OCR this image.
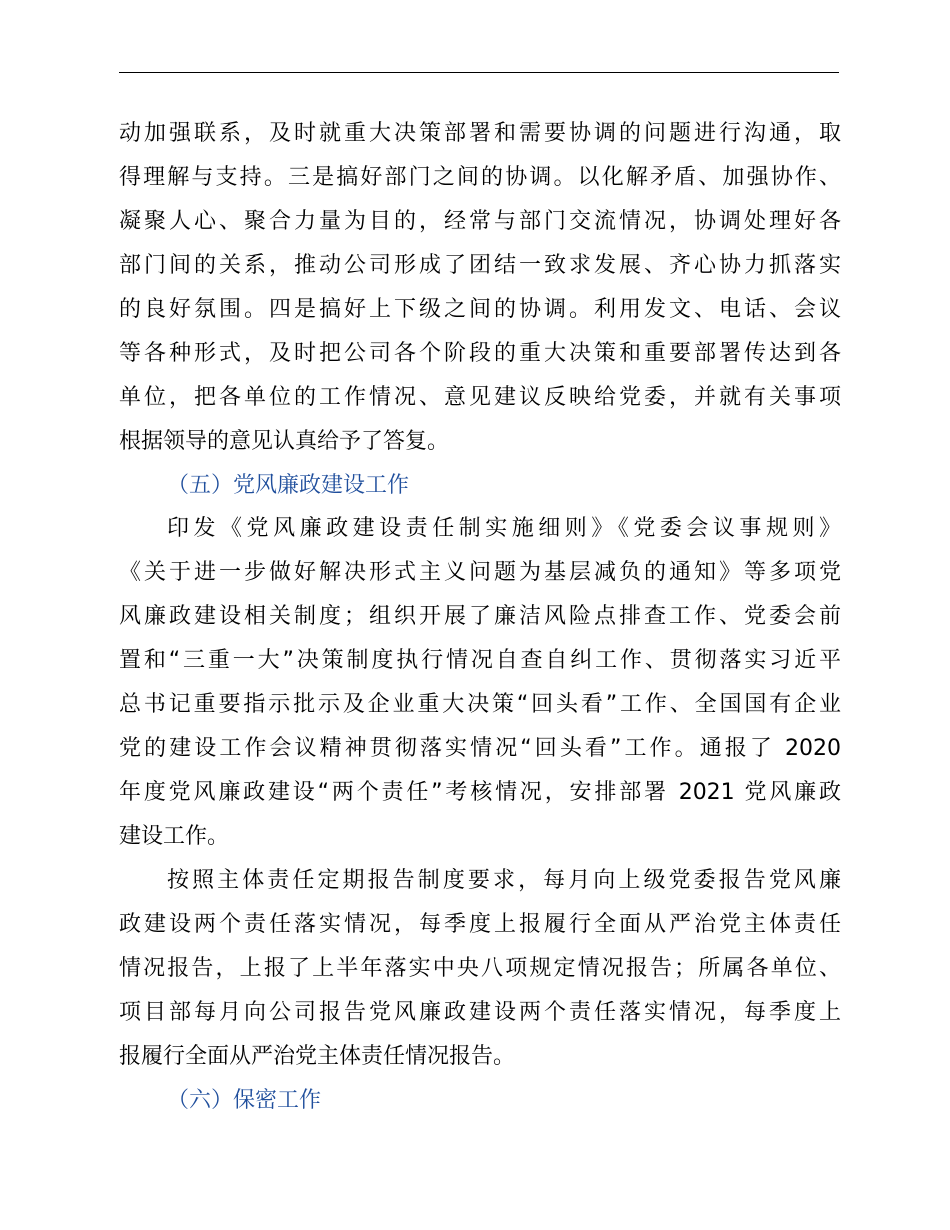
动加强联系，及时就重大决策部署和需要协调的问题进行沟通，取
得理解与支持。三是搞好部门之间的协调。以化解矛盾、加强协作、
凝聚人心、聚合力量为目的，经常与部门交流情况，协调处理好各
部门间的关系，推动公司形成了团结一致求发展、齐心协力抓落实
的良好氛围。四是搞好上下级之间的协调。利用发文、电话、会议
等各种形式，及时把公司各个阶段的重大决策和重要部署传达到各
单位，把各单位的工作情况、意见建议反映给党委，并就有关事项
根据领导的意见认真给予了答复。
（五）党风廉政建设工作
印发《党风廉政建设责任制实施细则》《党委会议事规则》
《关于进一步做好解决形式主义问题为基层减负的通知》等多项党
风廉政建设相关制度；组织开展了廉洁风险点排查工作、党委会前
置和“三重一大”决策制度执行情况自查自纠工作、贯彻落实习近平
总书记重要指示批示及企业重大决策“回头看”工作、全国国有企业
党的建设工作会议精神贯彻落实情况“回头看”工作。通报了 2020
年度党风廉政建设“两个责任”考核情况，安排部署 2021 党风廉政
建设工作。
按照主体责任定期报告制度要求，每月向上级党委报告党风廉
政建设两个责任落实情况，每季度上报履行全面从严治党主体责任
情况报告，上报了上半年落实中央八项规定情况报告；所属各单位、
项目部每月向公司报告党风廉政建设两个责任落实情况，每季度上
报履行全面从严治党主体责任情况报告。
（六）保密工作
